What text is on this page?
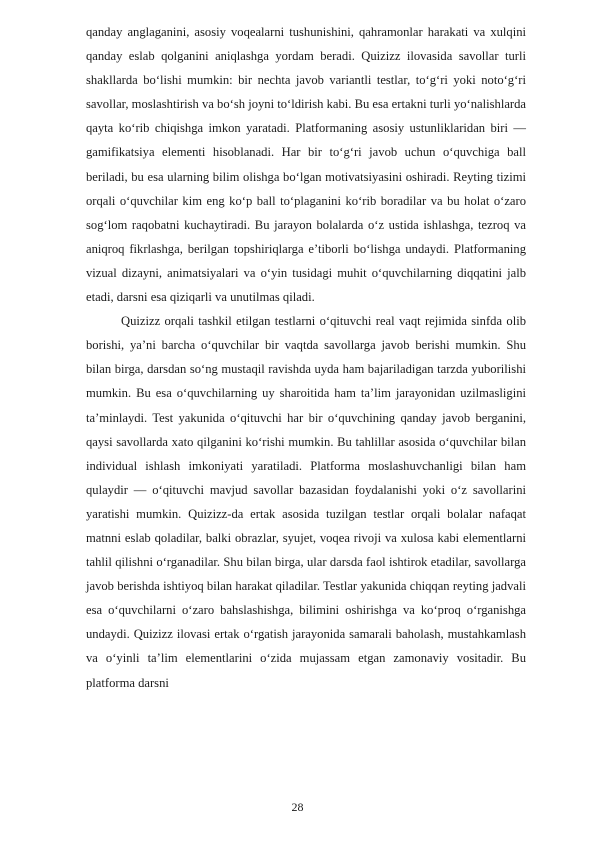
qanday anglaganini, asosiy voqealarni tushunishini, qahramonlar harakati va xulqini qanday eslab qolganini aniqlashga yordam beradi. Quizizz ilovasida savollar turli shakllarda bo‘lishi mumkin: bir nechta javob variantli testlar, to‘g‘ri yoki noto‘g‘ri savollar, moslashtirish va bo‘sh joyni to‘ldirish kabi. Bu esa ertakni turli yo‘nalishlarda qayta ko‘rib chiqishga imkon yaratadi. Platformaning asosiy ustunliklaridan biri — gamifikatsiya elementi hisoblanadi. Har bir to‘g‘ri javob uchun o‘quvchiga ball beriladi, bu esa ularning bilim olishga bo‘lgan motivatsiyasini oshiradi. Reyting tizimi orqali o‘quvchilar kim eng ko‘p ball to‘plaganini ko‘rib boradilar va bu holat o‘zaro sog‘lom raqobatni kuchaytiradi. Bu jarayon bolalarda o‘z ustida ishlashga, tezroq va aniqroq fikrlashga, berilgan topshiriqlarga e’tiborli bo‘lishga undaydi. Platformaning vizual dizayni, animatsiyalari va o‘yin tusidagi muhit o‘quvchilarning diqqatini jalb etadi, darsni esa qiziqarli va unutilmas qiladi.

Quizizz orqali tashkil etilgan testlarni o‘qituvchi real vaqt rejimida sinfda olib borishi, ya’ni barcha o‘quvchilar bir vaqtda savollarga javob berishi mumkin. Shu bilan birga, darsdan so‘ng mustaqil ravishda uyda ham bajariladigan tarzda yuborilishi mumkin. Bu esa o‘quvchilarning uy sharoitida ham ta’lim jarayonidan uzilmasligini ta’minlaydi. Test yakunida o‘qituvchi har bir o‘quvchining qanday javob berganini, qaysi savollarda xato qilganini ko‘rishi mumkin. Bu tahlillar asosida o‘quvchilar bilan individual ishlash imkoniyati yaratiladi. Platforma moslashuvchanligi bilan ham qulaydir — o‘qituvchi mavjud savollar bazasidan foydalanishi yoki o‘z savollarini yaratishi mumkin. Quizizz-da ertak asosida tuzilgan testlar orqali bolalar nafaqat matnni eslab qoladilar, balki obrazlar, syujet, voqea rivoji va xulosa kabi elementlarni tahlil qilishni o‘rganadilar. Shu bilan birga, ular darsda faol ishtirok etadilar, savollarga javob berishda ishtiyoq bilan harakat qiladilar. Testlar yakunida chiqqan reyting jadvali esa o‘quvchilarni o‘zaro bahslashishga, bilimini oshirishga va ko‘proq o‘rganishga undaydi. Quizizz ilovasi ertak o‘rgatish jarayonida samarali baholash, mustahkamlash va o‘yinli ta’lim elementlarini o‘zida mujassam etgan zamonaviy vositadir. Bu platforma darsni

28
